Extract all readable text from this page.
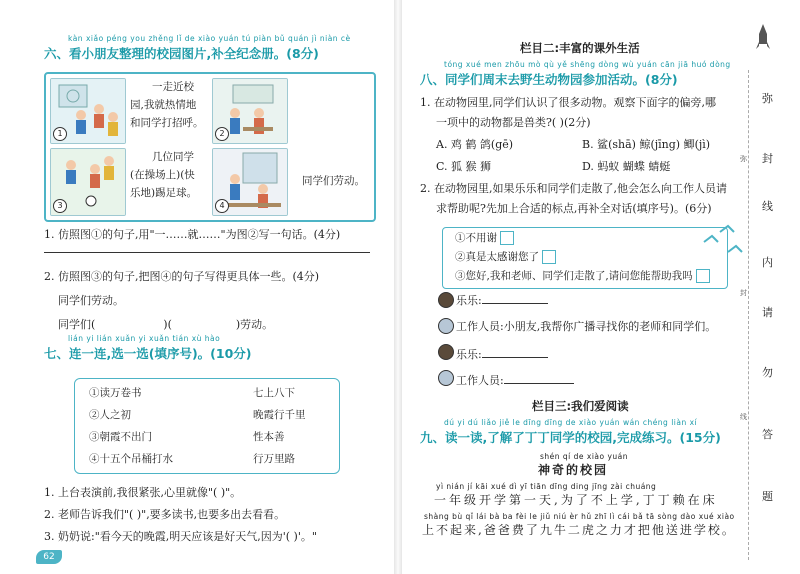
kàn xiǎo péng you zhěng lǐ de xiào yuán tú piàn bǔ quán jì niàn cè
六、看小朋友整理的校园图片,补全纪念册。(8分)
1
一走近校
园,我就热情地
和同学打招呼。
2
3
几位同学
(在操场上)(快
乐地)踢足球。
4
同学们劳动。
1. 仿照图①的句子,用"一……就……"为图②写一句话。(4分)
2. 仿照图③的句子,把图④的句子写得更具体一些。(4分)
同学们劳动。
同学们(	)(	)劳动。
lián yi lián xuǎn yi xuǎn tián xù hào
七、连一连,选一选(填序号)。(10分)
①读万卷书
②人之初
③朝霞不出门
④十五个吊桶打水
七上八下
晚霞行千里
性本善
行万里路
1. 上台表演前,我很紧张,心里就像"( )"。
2. 老师告诉我们"( )",要多读书,也要多出去看看。
3. 奶奶说:"看今天的晚霞,明天应该是好天气,因为'( )'。"
62
栏目二:丰富的课外生活
tóng xué men zhōu mò qù yě shēng dòng wù yuán cān jiā huó dòng
八、同学们周末去野生动物园参加活动。(8分)
1. 在动物园里,同学们认识了很多动物。观察下面字的偏旁,哪
一项中的动物都是兽类?( )(2分)
A. 鸡 鹤 鸽(gē)	B. 鲨(shā) 鲸(jīng) 鲫(jì)
C. 狐 猴 狮	D. 蚂蚁 蝴蝶 蜻蜓
2. 在动物园里,如果乐乐和同学们走散了,他会怎么向工作人员请
求帮助呢?先加上合适的标点,再补全对话(填序号)。(6分)
①不用谢
②真是太感谢您了
③您好,我和老师、同学们走散了,请问您能帮助我吗
乐乐:
工作人员:小朋友,我帮你广播寻找你的老师和同学们。
乐乐:
工作人员:
栏目三:我们爱阅读
dú yi dú liǎo jiě le dīng dīng de xiào yuán wán chéng liàn xí
九、读一读,了解了丁丁同学的校园,完成练习。(15分)
shén qí de xiào yuán
神奇的校园
yì nián jí kāi xué dì yī tiān dīng ding jīng zài chuáng
一年级开学第一天,为了不上学,丁丁赖在床
shàng bù qǐ lái bà ba fèi le jiǔ niú èr hǔ zhī lì cái bǎ tā sòng dào xué xiào
上不起来,爸爸费了九牛二虎之力才把他送进学校。
弥
封
线
内
请
勿
答
题
弥
封
线
